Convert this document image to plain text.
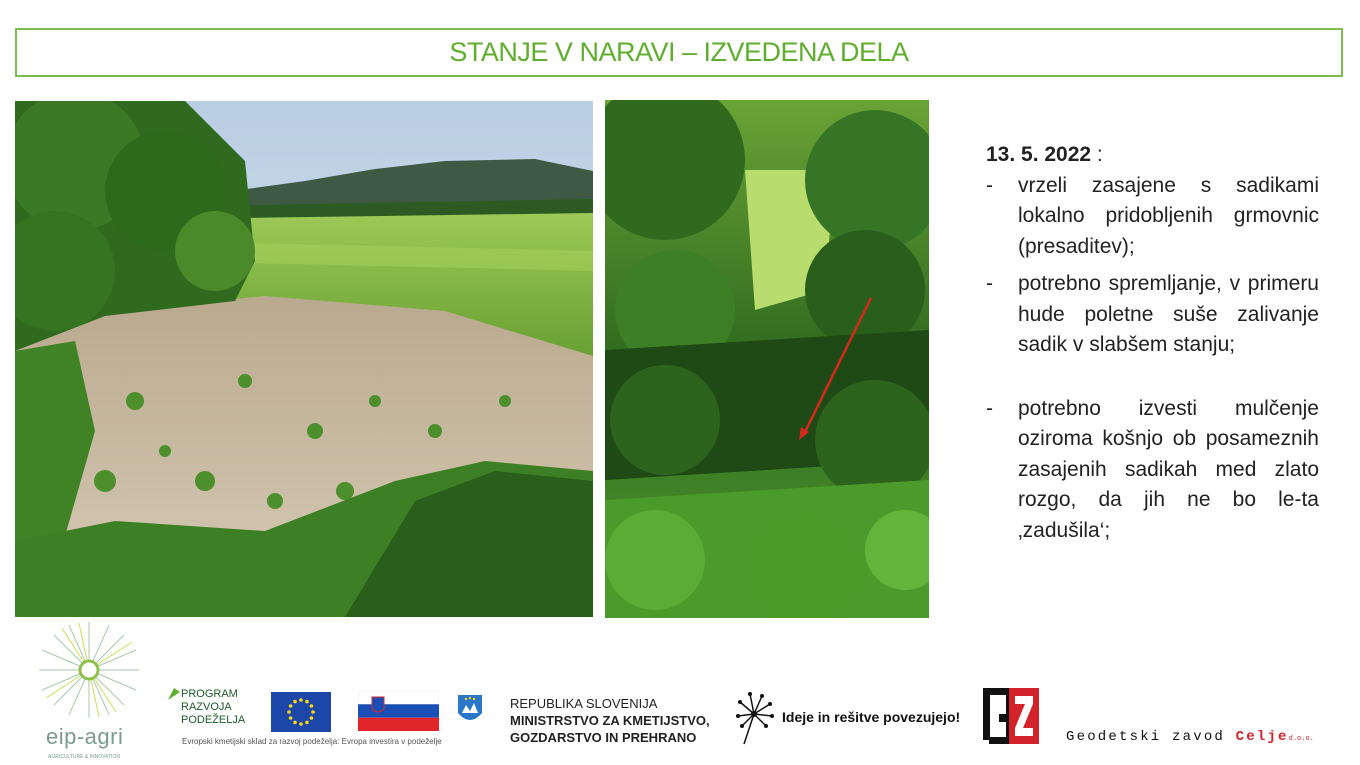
STANJE V NARAVI – IZVEDENA DELA
13. 5. 2022 :
- vrzeli zasajene s sadikami lokalno pridobljenih grmovnic (presaditev);
- potrebno spremljanje, v primeru hude poletne suše zalivanje sadik v slabšem stanju;
- potrebno izvesti mulčenje oziroma košnjo ob posameznih zasajenih sadikah med zlato rozgo, da jih ne bo le-ta ‚zadušila‘;
eip-agri
AGRICULTURE & INNOVATION
PROGRAM
RAZVOJA
PODEŽELJA
Evropski kmetijski sklad za razvoj podeželja: Evropa investira v podeželje
REPUBLIKA SLOVENIJA
MINISTRSTVO ZA KMETIJSTVO,
GOZDARSTVO IN PREHRANO
Ideje in rešitve povezujejo!
Geodetski zavod Celjed.o.o.
